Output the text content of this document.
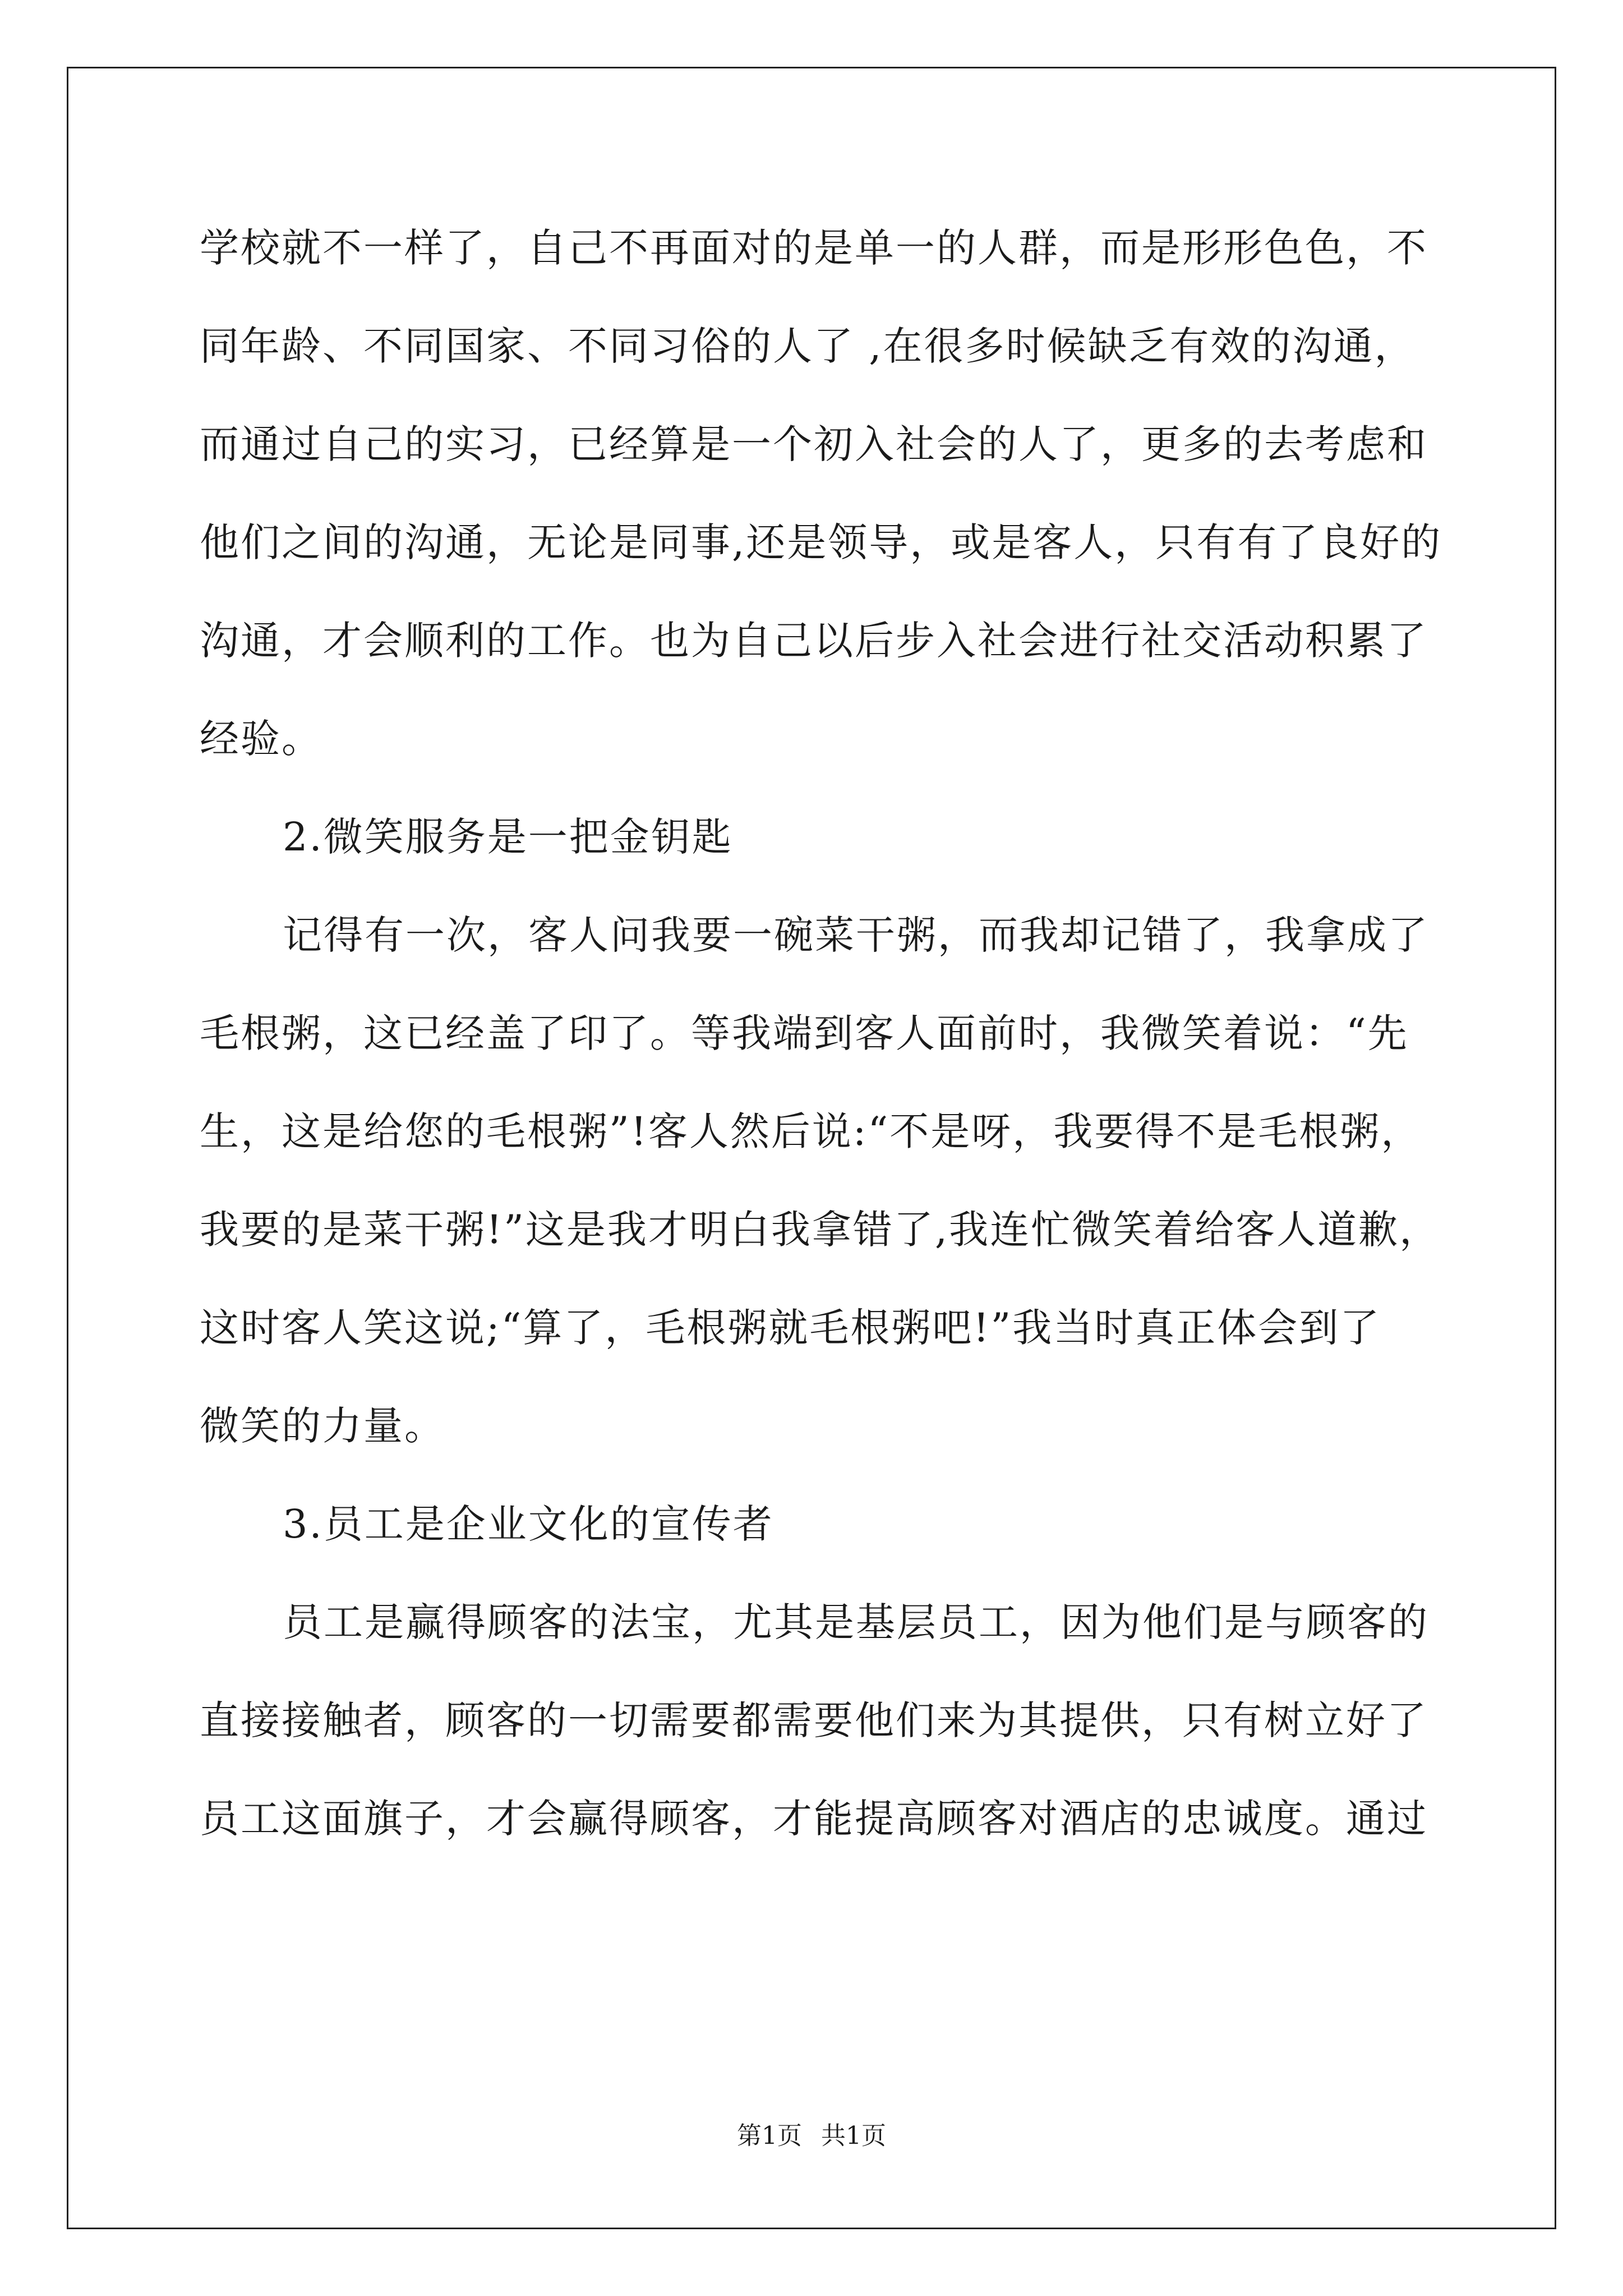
学校就不一样了，自己不再面对的是单一的人群，而是形形色色，不
同年龄、不同国家、不同习俗的人了 ,在很多时候缺乏有效的沟通，
而通过自己的实习，已经算是一个初入社会的人了，更多的去考虑和
他们之间的沟通，无论是同事,还是领导，或是客人，只有有了良好的
沟通，才会顺利的工作。也为自己以后步入社会进行社交活动积累了
经验。
2.微笑服务是一把金钥匙
记得有一次，客人问我要一碗菜干粥，而我却记错了，我拿成了
毛根粥，这已经盖了印了。等我端到客人面前时，我微笑着说：“先
生，这是给您的毛根粥”!客人然后说:“不是呀，我要得不是毛根粥，
我要的是菜干粥!”这是我才明白我拿错了,我连忙微笑着给客人道歉，
这时客人笑这说;“算了，毛根粥就毛根粥吧!”我当时真正体会到了
微笑的力量。
3.员工是企业文化的宣传者
员工是赢得顾客的法宝，尤其是基层员工，因为他们是与顾客的
直接接触者，顾客的一切需要都需要他们来为其提供，只有树立好了
员工这面旗子，才会赢得顾客，才能提高顾客对酒店的忠诚度。通过
第1页 共1页
